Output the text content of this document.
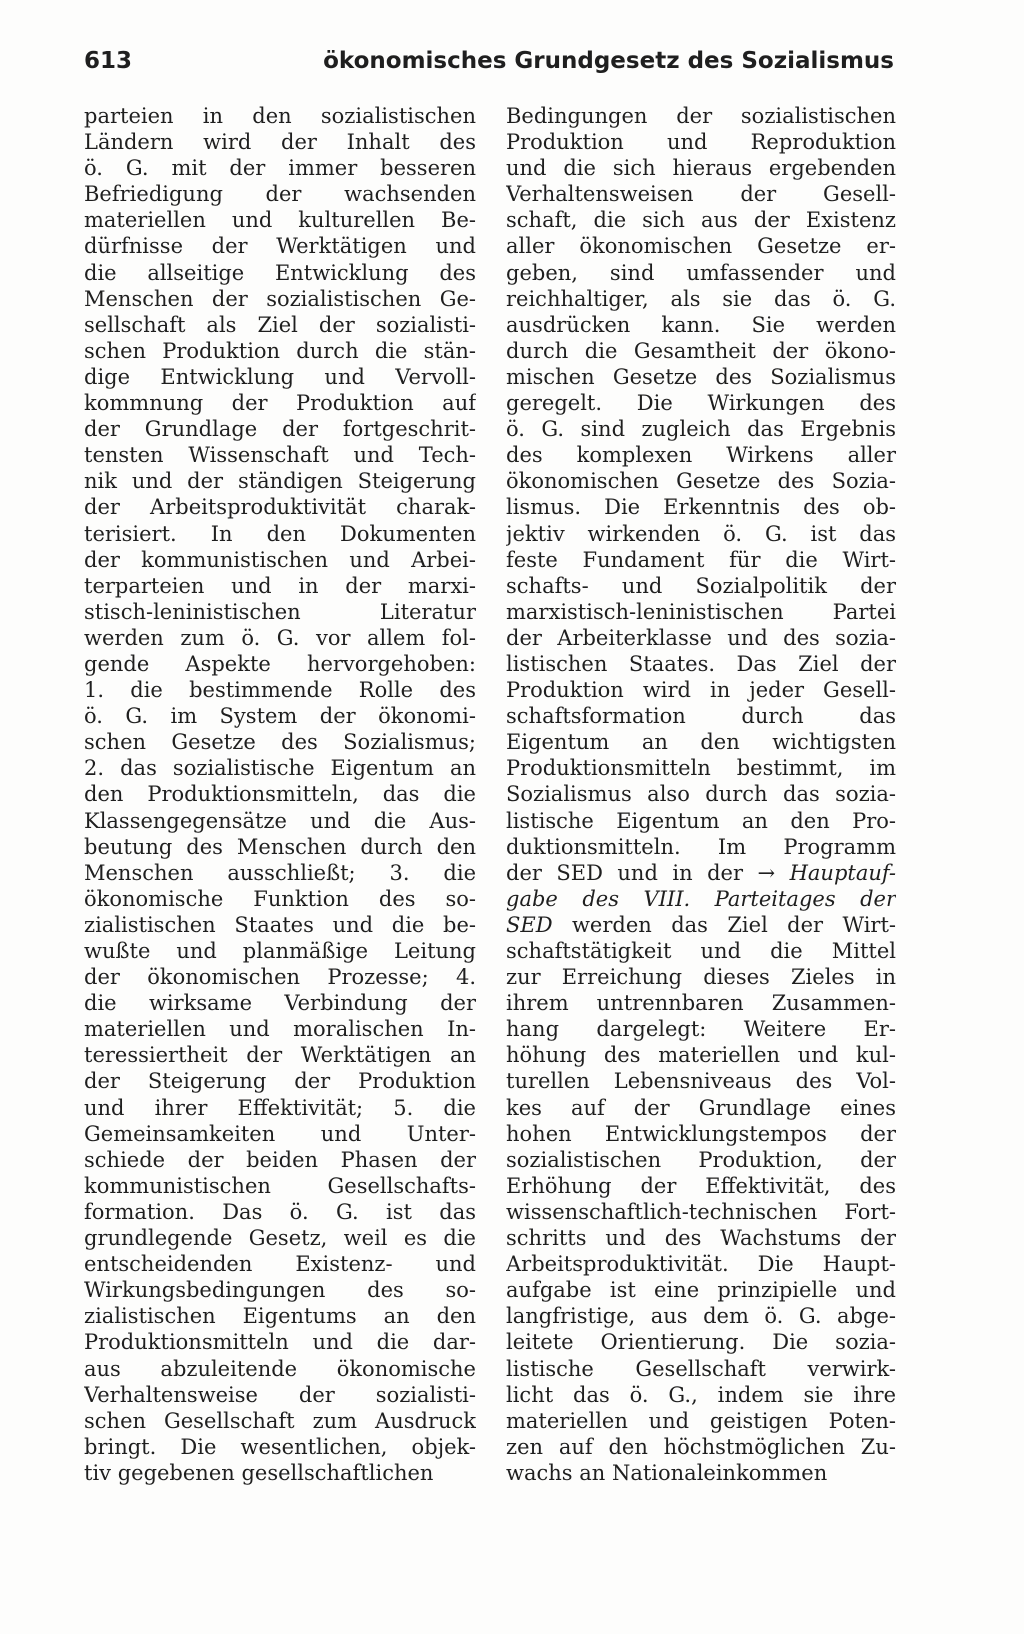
613	ökonomisches Grundgesetz des Sozialismus
parteien in den sozialistischen
Ländern wird der Inhalt des
ö. G. mit der immer besseren
Befriedigung der wachsenden
materiellen und kulturellen Be-
dürfnisse der Werktätigen und
die allseitige Entwicklung des
Menschen der sozialistischen Ge-
sellschaft als Ziel der sozialisti-
schen Produktion durch die stän-
dige Entwicklung und Vervoll-
kommnung der Produktion auf
der Grundlage der fortgeschrit-
tensten Wissenschaft und Tech-
nik und der ständigen Steigerung
der Arbeitsproduktivität charak-
terisiert. In den Dokumenten
der kommunistischen und Arbei-
terparteien und in der marxi-
stisch-leninistischen Literatur
werden zum ö. G. vor allem fol-
gende Aspekte hervorgehoben:
1. die bestimmende Rolle des
ö. G. im System der ökonomi-
schen Gesetze des Sozialismus;
2. das sozialistische Eigentum an
den Produktionsmitteln, das die
Klassengegensätze und die Aus-
beutung des Menschen durch den
Menschen ausschließt; 3. die
ökonomische Funktion des so-
zialistischen Staates und die be-
wußte und planmäßige Leitung
der ökonomischen Prozesse; 4.
die wirksame Verbindung der
materiellen und moralischen In-
teressiertheit der Werktätigen an
der Steigerung der Produktion
und ihrer Effektivität; 5. die
Gemeinsamkeiten und Unter-
schiede der beiden Phasen der
kommunistischen Gesellschafts-
formation. Das ö. G. ist das
grundlegende Gesetz, weil es die
entscheidenden Existenz- und
Wirkungsbedingungen des so-
zialistischen Eigentums an den
Produktionsmitteln und die dar-
aus abzuleitende ökonomische
Verhaltensweise der sozialisti-
schen Gesellschaft zum Ausdruck
bringt. Die wesentlichen, objek-
tiv gegebenen gesellschaftlichen
Bedingungen der sozialistischen
Produktion und Reproduktion
und die sich hieraus ergebenden
Verhaltensweisen der Gesell-
schaft, die sich aus der Existenz
aller ökonomischen Gesetze er-
geben, sind umfassender und
reichhaltiger, als sie das ö. G.
ausdrücken kann. Sie werden
durch die Gesamtheit der ökono-
mischen Gesetze des Sozialismus
geregelt. Die Wirkungen des
ö. G. sind zugleich das Ergebnis
des komplexen Wirkens aller
ökonomischen Gesetze des Sozia-
lismus. Die Erkenntnis des ob-
jektiv wirkenden ö. G. ist das
feste Fundament für die Wirt-
schafts- und Sozialpolitik der
marxistisch-leninistischen Partei
der Arbeiterklasse und des sozia-
listischen Staates. Das Ziel der
Produktion wird in jeder Gesell-
schaftsformation durch das
Eigentum an den wichtigsten
Produktionsmitteln bestimmt, im
Sozialismus also durch das sozia-
listische Eigentum an den Pro-
duktionsmitteln. Im Programm
der SED und in der → Hauptauf-
gabe des VIII. Parteitages der
SED werden das Ziel der Wirt-
schaftstätigkeit und die Mittel
zur Erreichung dieses Zieles in
ihrem untrennbaren Zusammen-
hang dargelegt: Weitere Er-
höhung des materiellen und kul-
turellen Lebensniveaus des Vol-
kes auf der Grundlage eines
hohen Entwicklungstempos der
sozialistischen Produktion, der
Erhöhung der Effektivität, des
wissenschaftlich-technischen Fort-
schritts und des Wachstums der
Arbeitsproduktivität. Die Haupt-
aufgabe ist eine prinzipielle und
langfristige, aus dem ö. G. abge-
leitete Orientierung. Die sozia-
listische Gesellschaft verwirk-
licht das ö. G., indem sie ihre
materiellen und geistigen Poten-
zen auf den höchstmöglichen Zu-
wachs an Nationaleinkommen
